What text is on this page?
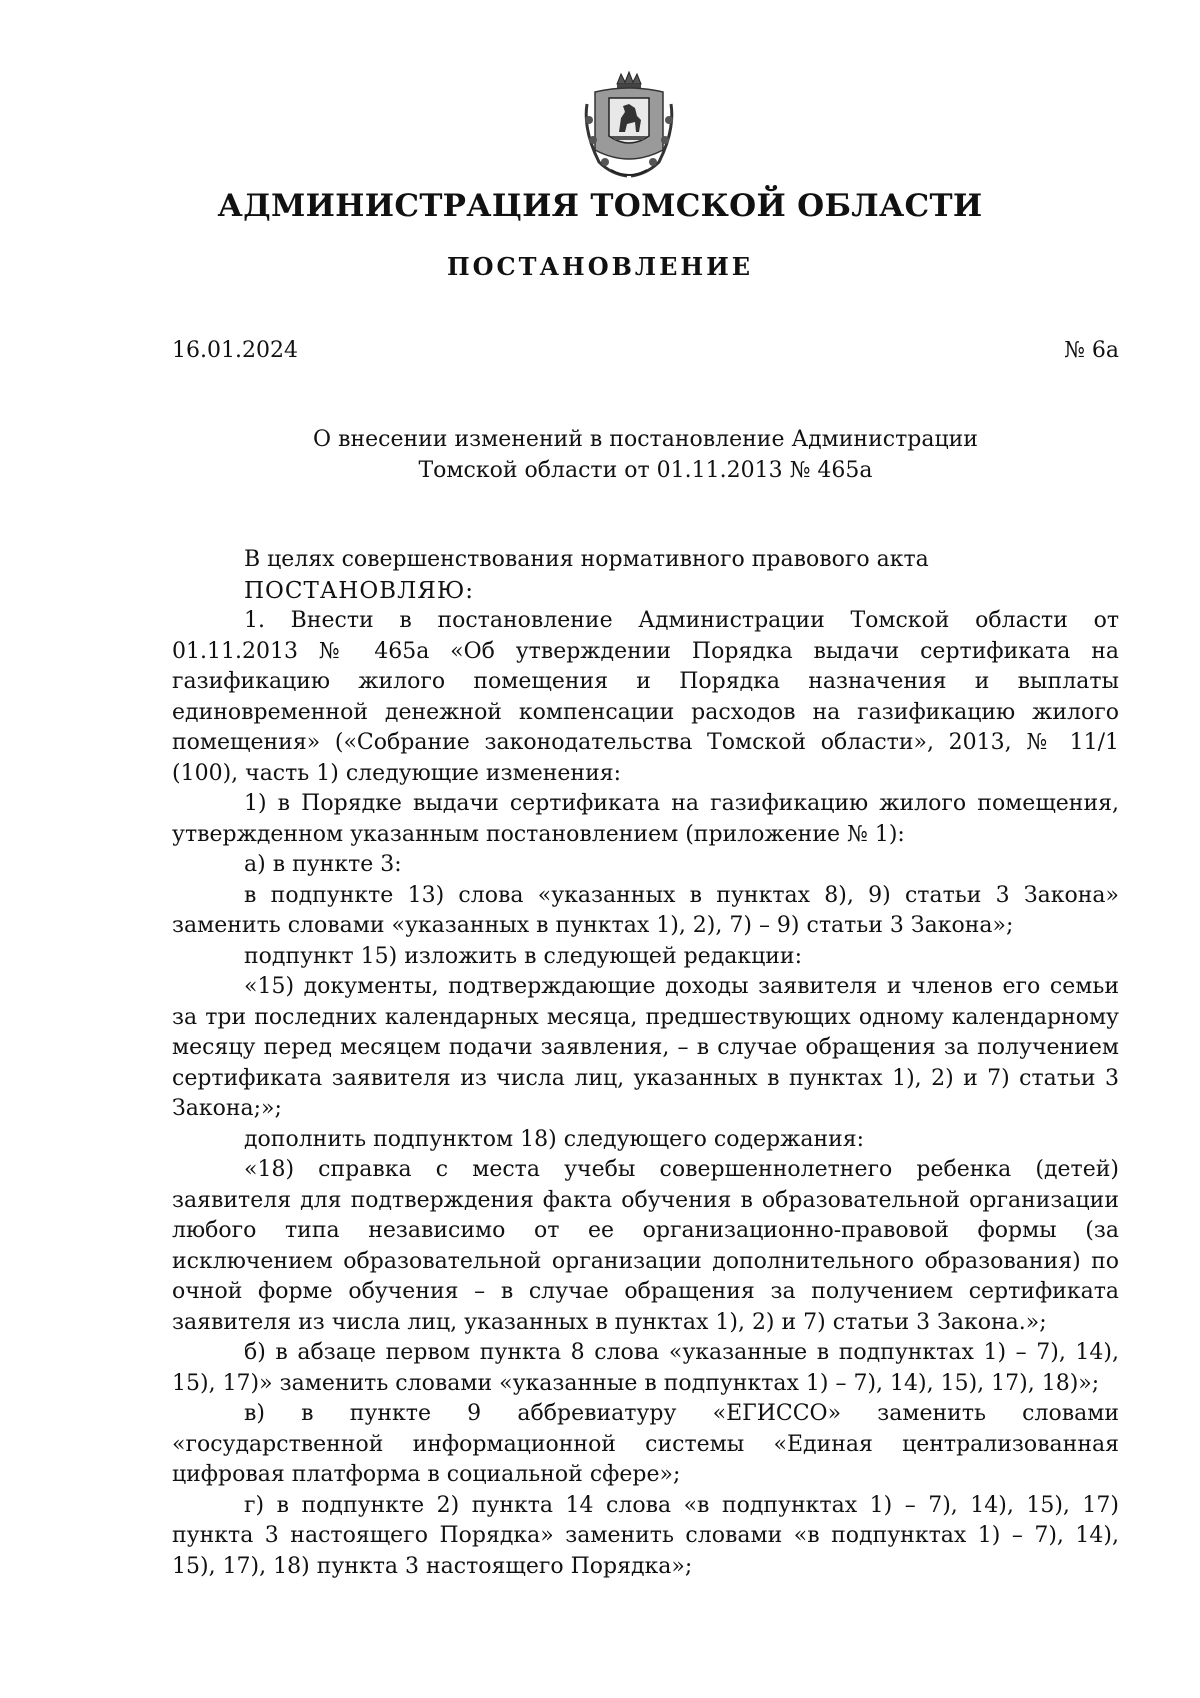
АДМИНИСТРАЦИЯ ТОМСКОЙ ОБЛАСТИ
ПОСТАНОВЛЕНИЕ
16.01.2024	№ 6а
О внесении изменений в постановление Администрации
Томской области от 01.11.2013 № 465а

В целях совершенствования нормативного правового акта

ПОСТАНОВЛЯЮ:

1. Внести в постановление Администрации Томской области от 01.11.2013 № 465а «Об утверждении Порядка выдачи сертификата на газификацию жилого помещения и Порядка назначения и выплаты единовременной денежной компенсации расходов на газификацию жилого помещения» («Собрание законодательства Томской области», 2013, № 11/1 (100), часть 1) следующие изменения:

1) в Порядке выдачи сертификата на газификацию жилого помещения, утвержденном указанным постановлением (приложение № 1):

а) в пункте 3:

в подпункте 13) слова «указанных в пунктах 8), 9) статьи 3 Закона» заменить словами «указанных в пунктах 1), 2), 7) – 9) статьи 3 Закона»;

подпункт 15) изложить в следующей редакции:

«15) документы, подтверждающие доходы заявителя и членов его семьи за три последних календарных месяца, предшествующих одному календарному месяцу перед месяцем подачи заявления, – в случае обращения за получением сертификата заявителя из числа лиц, указанных в пунктах 1), 2) и 7) статьи 3 Закона;»;

дополнить подпунктом 18) следующего содержания:

«18) справка с места учебы совершеннолетнего ребенка (детей) заявителя для подтверждения факта обучения в образовательной организации любого типа независимо от ее организационно-правовой формы (за исключением образовательной организации дополнительного образования) по очной форме обучения – в случае обращения за получением сертификата заявителя из числа лиц, указанных в пунктах 1), 2) и 7) статьи 3 Закона.»;

б) в абзаце первом пункта 8 слова «указанные в подпунктах 1) – 7), 14), 15), 17)» заменить словами «указанные в подпунктах 1) – 7), 14), 15), 17), 18)»;

в) в пункте 9 аббревиатуру «ЕГИССО» заменить словами «государственной информационной системы «Единая централизованная цифровая платформа в социальной сфере»;

г) в подпункте 2) пункта 14 слова «в подпунктах 1) – 7), 14), 15), 17) пункта 3 настоящего Порядка» заменить словами «в подпунктах 1) – 7), 14), 15), 17), 18) пункта 3 настоящего Порядка»;
